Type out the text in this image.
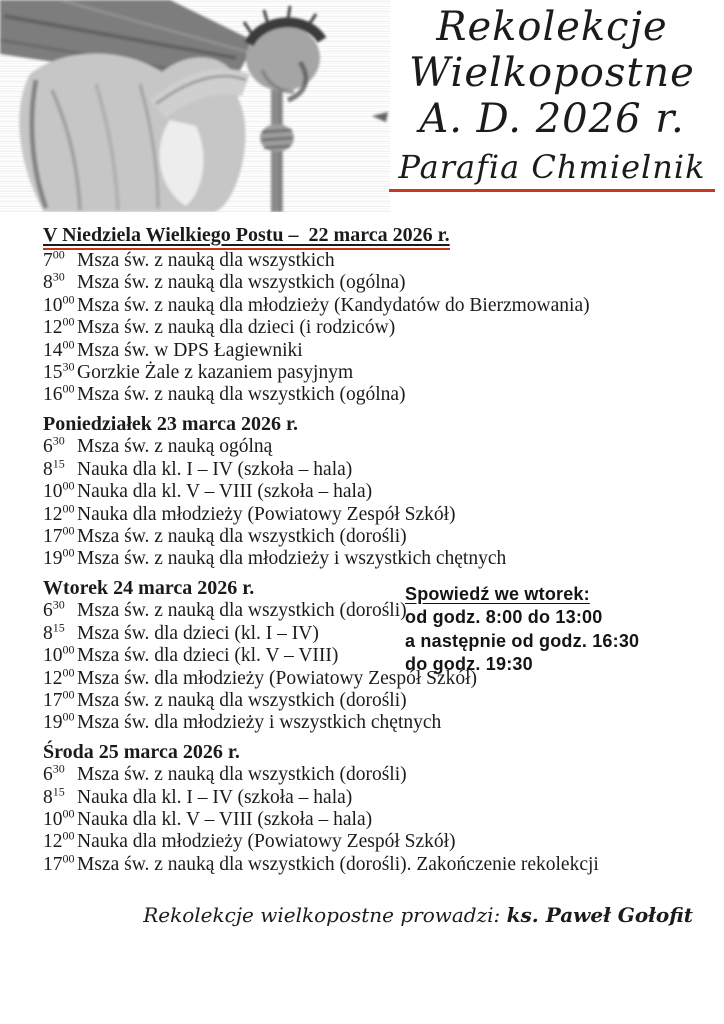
Rekolekcje
Wielkopostne
A. D. 2026 r.
Parafia Chmielnik
V Niedziela Wielkiego Postu –  22 marca 2026 r.
$7^{00}$ Msza św. z nauką dla wszystkich
$8^{30}$ Msza św. z nauką dla wszystkich (ogólna)
$10^{00}$ Msza św. z nauką dla młodzieży (Kandydatów do Bierzmowania)
$12^{00}$ Msza św. z nauką dla dzieci (i rodziców)
$14^{00}$ Msza św. w DPS Łagiewniki
$15^{30}$ Gorzkie Żale z kazaniem pasyjnym
$16^{00}$ Msza św. z nauką dla wszystkich (ogólna)
Poniedziałek 23 marca 2026 r.
$6^{30}$ Msza św. z nauką ogólną
$8^{15}$ Nauka dla kl. I – IV (szkoła – hala)
$10^{00}$ Nauka dla kl. V – VIII (szkoła – hala)
$12^{00}$ Nauka dla młodzieży (Powiatowy Zespół Szkół)
$17^{00}$ Msza św. z nauką dla wszystkich (dorośli)
$19^{00}$ Msza św. z nauką dla młodzieży i wszystkich chętnych
Wtorek 24 marca 2026 r.
$6^{30}$ Msza św. z nauką dla wszystkich (dorośli)
$8^{15}$ Msza św. dla dzieci (kl. I – IV)
$10^{00}$ Msza św. dla dzieci (kl. V – VIII)
$12^{00}$ Msza św. dla młodzieży (Powiatowy Zespół Szkół)
$17^{00}$ Msza św. z nauką dla wszystkich (dorośli)
$19^{00}$ Msza św. dla młodzieży i wszystkich chętnych
Środa 25 marca 2026 r.
$6^{30}$ Msza św. z nauką dla wszystkich (dorośli)
$8^{15}$ Nauka dla kl. I – IV (szkoła – hala)
$10^{00}$ Nauka dla kl. V – VIII (szkoła – hala)
$12^{00}$ Nauka dla młodzieży (Powiatowy Zespół Szkół)
$17^{00}$ Msza św. z nauką dla wszystkich (dorośli). Zakończenie rekolekcji
Spowiedź we wtorek:
od godz. 8:00 do 13:00
a następnie od godz. 16:30
do godz. 19:30
Rekolekcje wielkopostne prowadzi: ks. Paweł Gołofit
